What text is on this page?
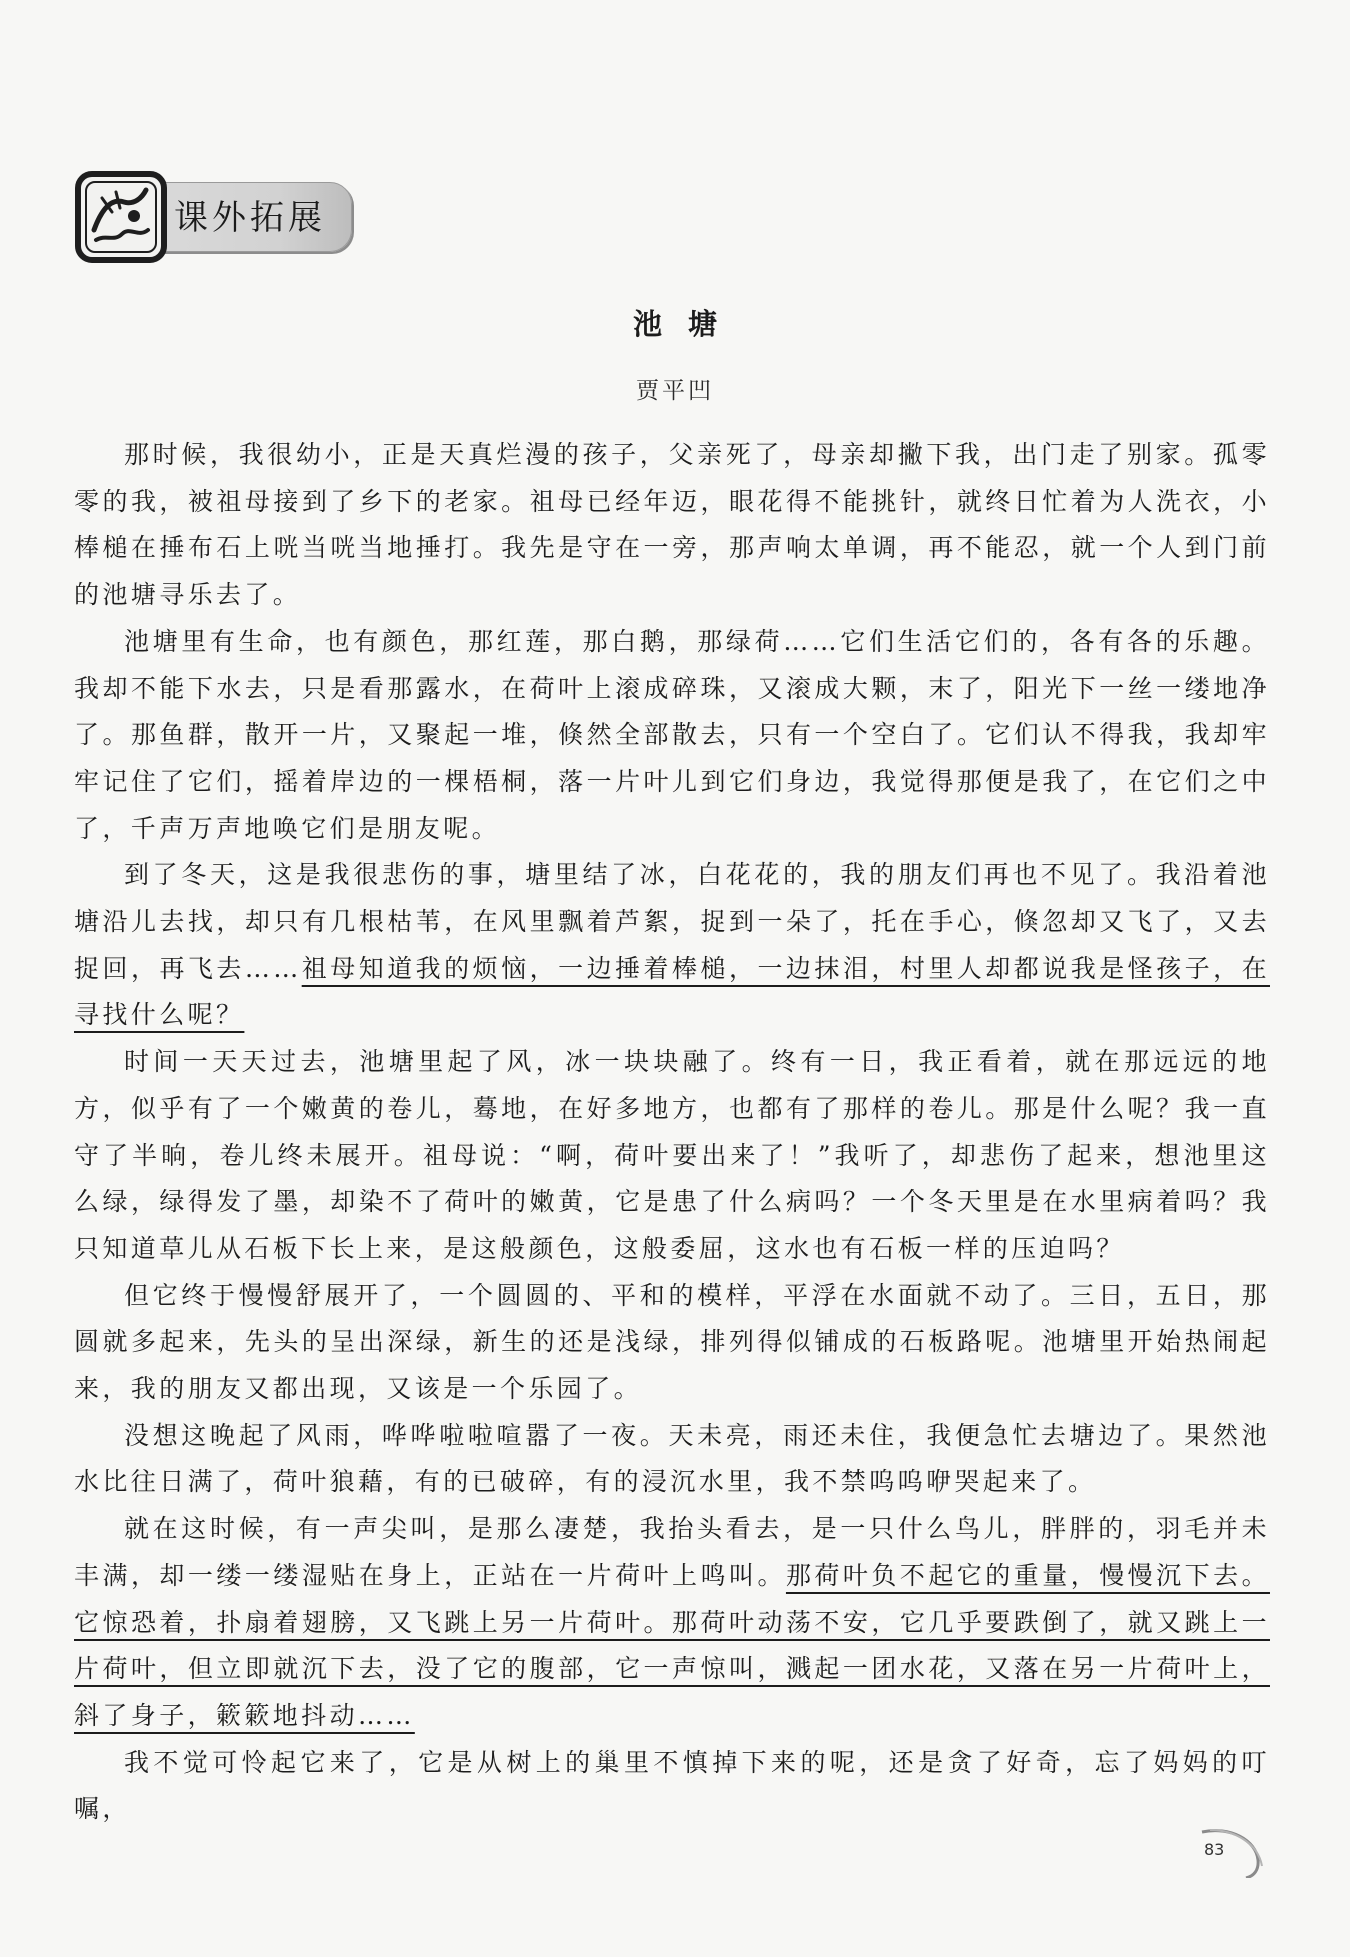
课外拓展
池塘
贾平凹

那时候，我很幼小，正是天真烂漫的孩子，父亲死了，母亲却撇下我，出门走了别家。孤零零的我，被祖母接到了乡下的老家。祖母已经年迈，眼花得不能挑针，就终日忙着为人洗衣，小棒槌在捶布石上咣当咣当地捶打。我先是守在一旁，那声响太单调，再不能忍，就一个人到门前的池塘寻乐去了。

池塘里有生命，也有颜色，那红莲，那白鹅，那绿荷……它们生活它们的，各有各的乐趣。我却不能下水去，只是看那露水，在荷叶上滚成碎珠，又滚成大颗，末了，阳光下一丝一缕地净了。那鱼群，散开一片，又聚起一堆，倏然全部散去，只有一个空白了。它们认不得我，我却牢牢记住了它们，摇着岸边的一棵梧桐，落一片叶儿到它们身边，我觉得那便是我了，在它们之中了，千声万声地唤它们是朋友呢。

到了冬天，这是我很悲伤的事，塘里结了冰，白花花的，我的朋友们再也不见了。我沿着池塘沿儿去找，却只有几根枯苇，在风里飘着芦絮，捉到一朵了，托在手心，倏忽却又飞了，又去捉回，再飞去……祖母知道我的烦恼，一边捶着棒槌，一边抹泪，村里人却都说我是怪孩子，在寻找什么呢？

时间一天天过去，池塘里起了风，冰一块块融了。终有一日，我正看着，就在那远远的地方，似乎有了一个嫩黄的卷儿，蓦地，在好多地方，也都有了那样的卷儿。那是什么呢？我一直守了半晌，卷儿终未展开。祖母说：“啊，荷叶要出来了！”我听了，却悲伤了起来，想池里这么绿，绿得发了墨，却染不了荷叶的嫩黄，它是患了什么病吗？一个冬天里是在水里病着吗？我只知道草儿从石板下长上来，是这般颜色，这般委屈，这水也有石板一样的压迫吗？

但它终于慢慢舒展开了，一个圆圆的、平和的模样，平浮在水面就不动了。三日，五日，那圆就多起来，先头的呈出深绿，新生的还是浅绿，排列得似铺成的石板路呢。池塘里开始热闹起来，我的朋友又都出现，又该是一个乐园了。

没想这晚起了风雨，哗哗啦啦喧嚣了一夜。天未亮，雨还未住，我便急忙去塘边了。果然池水比往日满了，荷叶狼藉，有的已破碎，有的浸沉水里，我不禁呜呜咿哭起来了。

就在这时候，有一声尖叫，是那么凄楚，我抬头看去，是一只什么鸟儿，胖胖的，羽毛并未丰满，却一缕一缕湿贴在身上，正站在一片荷叶上鸣叫。那荷叶负不起它的重量，慢慢沉下去。它惊恐着，扑扇着翅膀，又飞跳上另一片荷叶。那荷叶动荡不安，它几乎要跌倒了，就又跳上一片荷叶，但立即就沉下去，没了它的腹部，它一声惊叫，溅起一团水花，又落在另一片荷叶上，斜了身子，簌簌地抖动……

我不觉可怜起它来了，它是从树上的巢里不慎掉下来的呢，还是贪了好奇，忘了妈妈的叮嘱，

83
